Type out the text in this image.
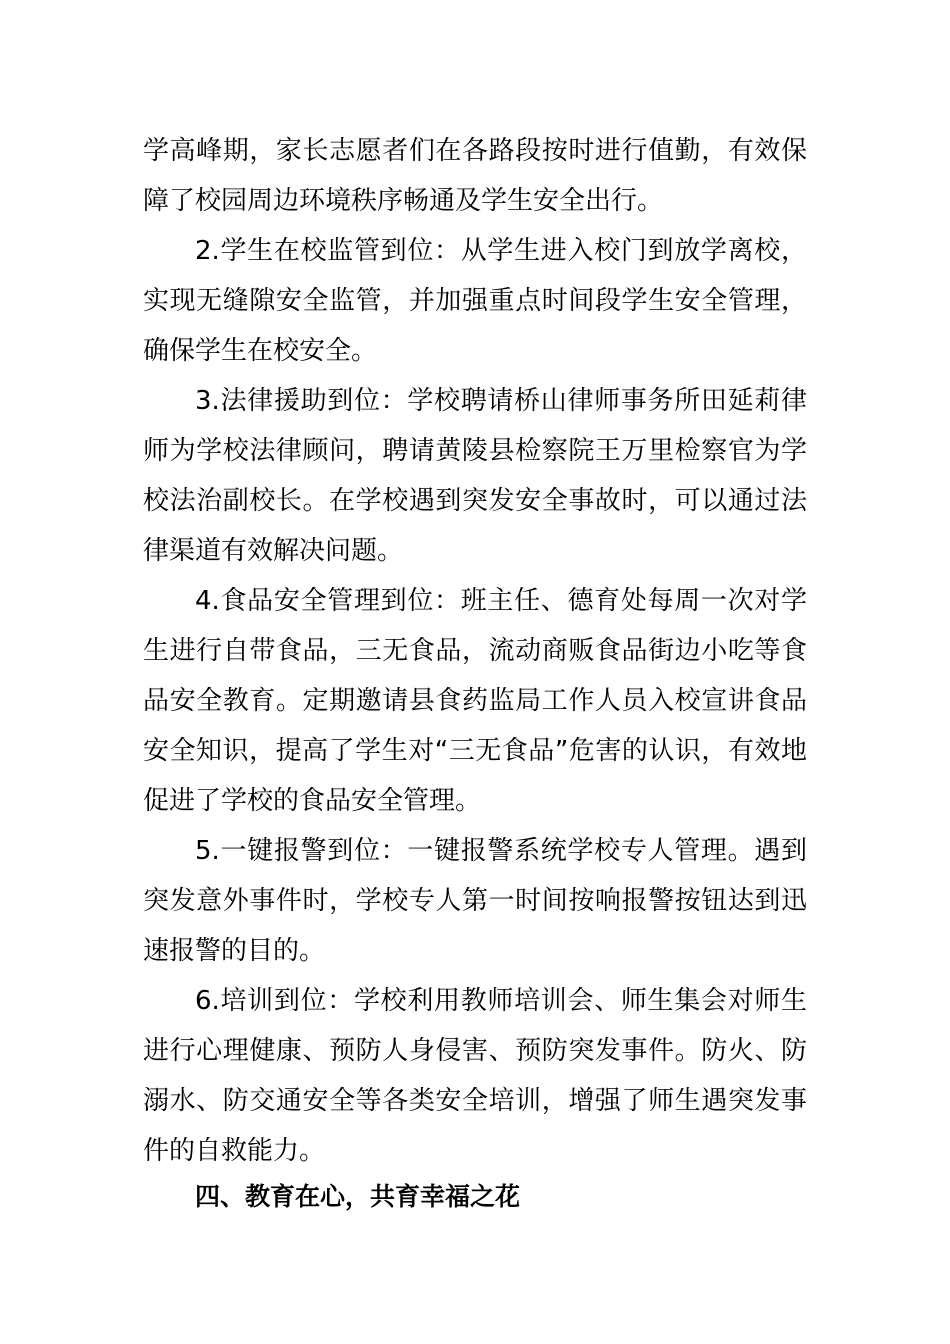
学高峰期，家长志愿者们在各路段按时进行值勤，有效保障了校园周边环境秩序畅通及学生安全出行。

2.学生在校监管到位：从学生进入校门到放学离校，实现无缝隙安全监管，并加强重点时间段学生安全管理，确保学生在校安全。

3.法律援助到位：学校聘请桥山律师事务所田延莉律师为学校法律顾问，聘请黄陵县检察院王万里检察官为学校法治副校长。在学校遇到突发安全事故时，可以通过法律渠道有效解决问题。

4.食品安全管理到位：班主任、德育处每周一次对学生进行自带食品，三无食品，流动商贩食品街边小吃等食品安全教育。定期邀请县食药监局工作人员入校宣讲食品安全知识，提高了学生对“三无食品”危害的认识，有效地促进了学校的食品安全管理。

5.一键报警到位：一键报警系统学校专人管理。遇到突发意外事件时，学校专人第一时间按响报警按钮达到迅速报警的目的。

6.培训到位：学校利用教师培训会、师生集会对师生进行心理健康、预防人身侵害、预防突发事件。防火、防溺水、防交通安全等各类安全培训，增强了师生遇突发事件的自救能力。

四、教育在心，共育幸福之花
